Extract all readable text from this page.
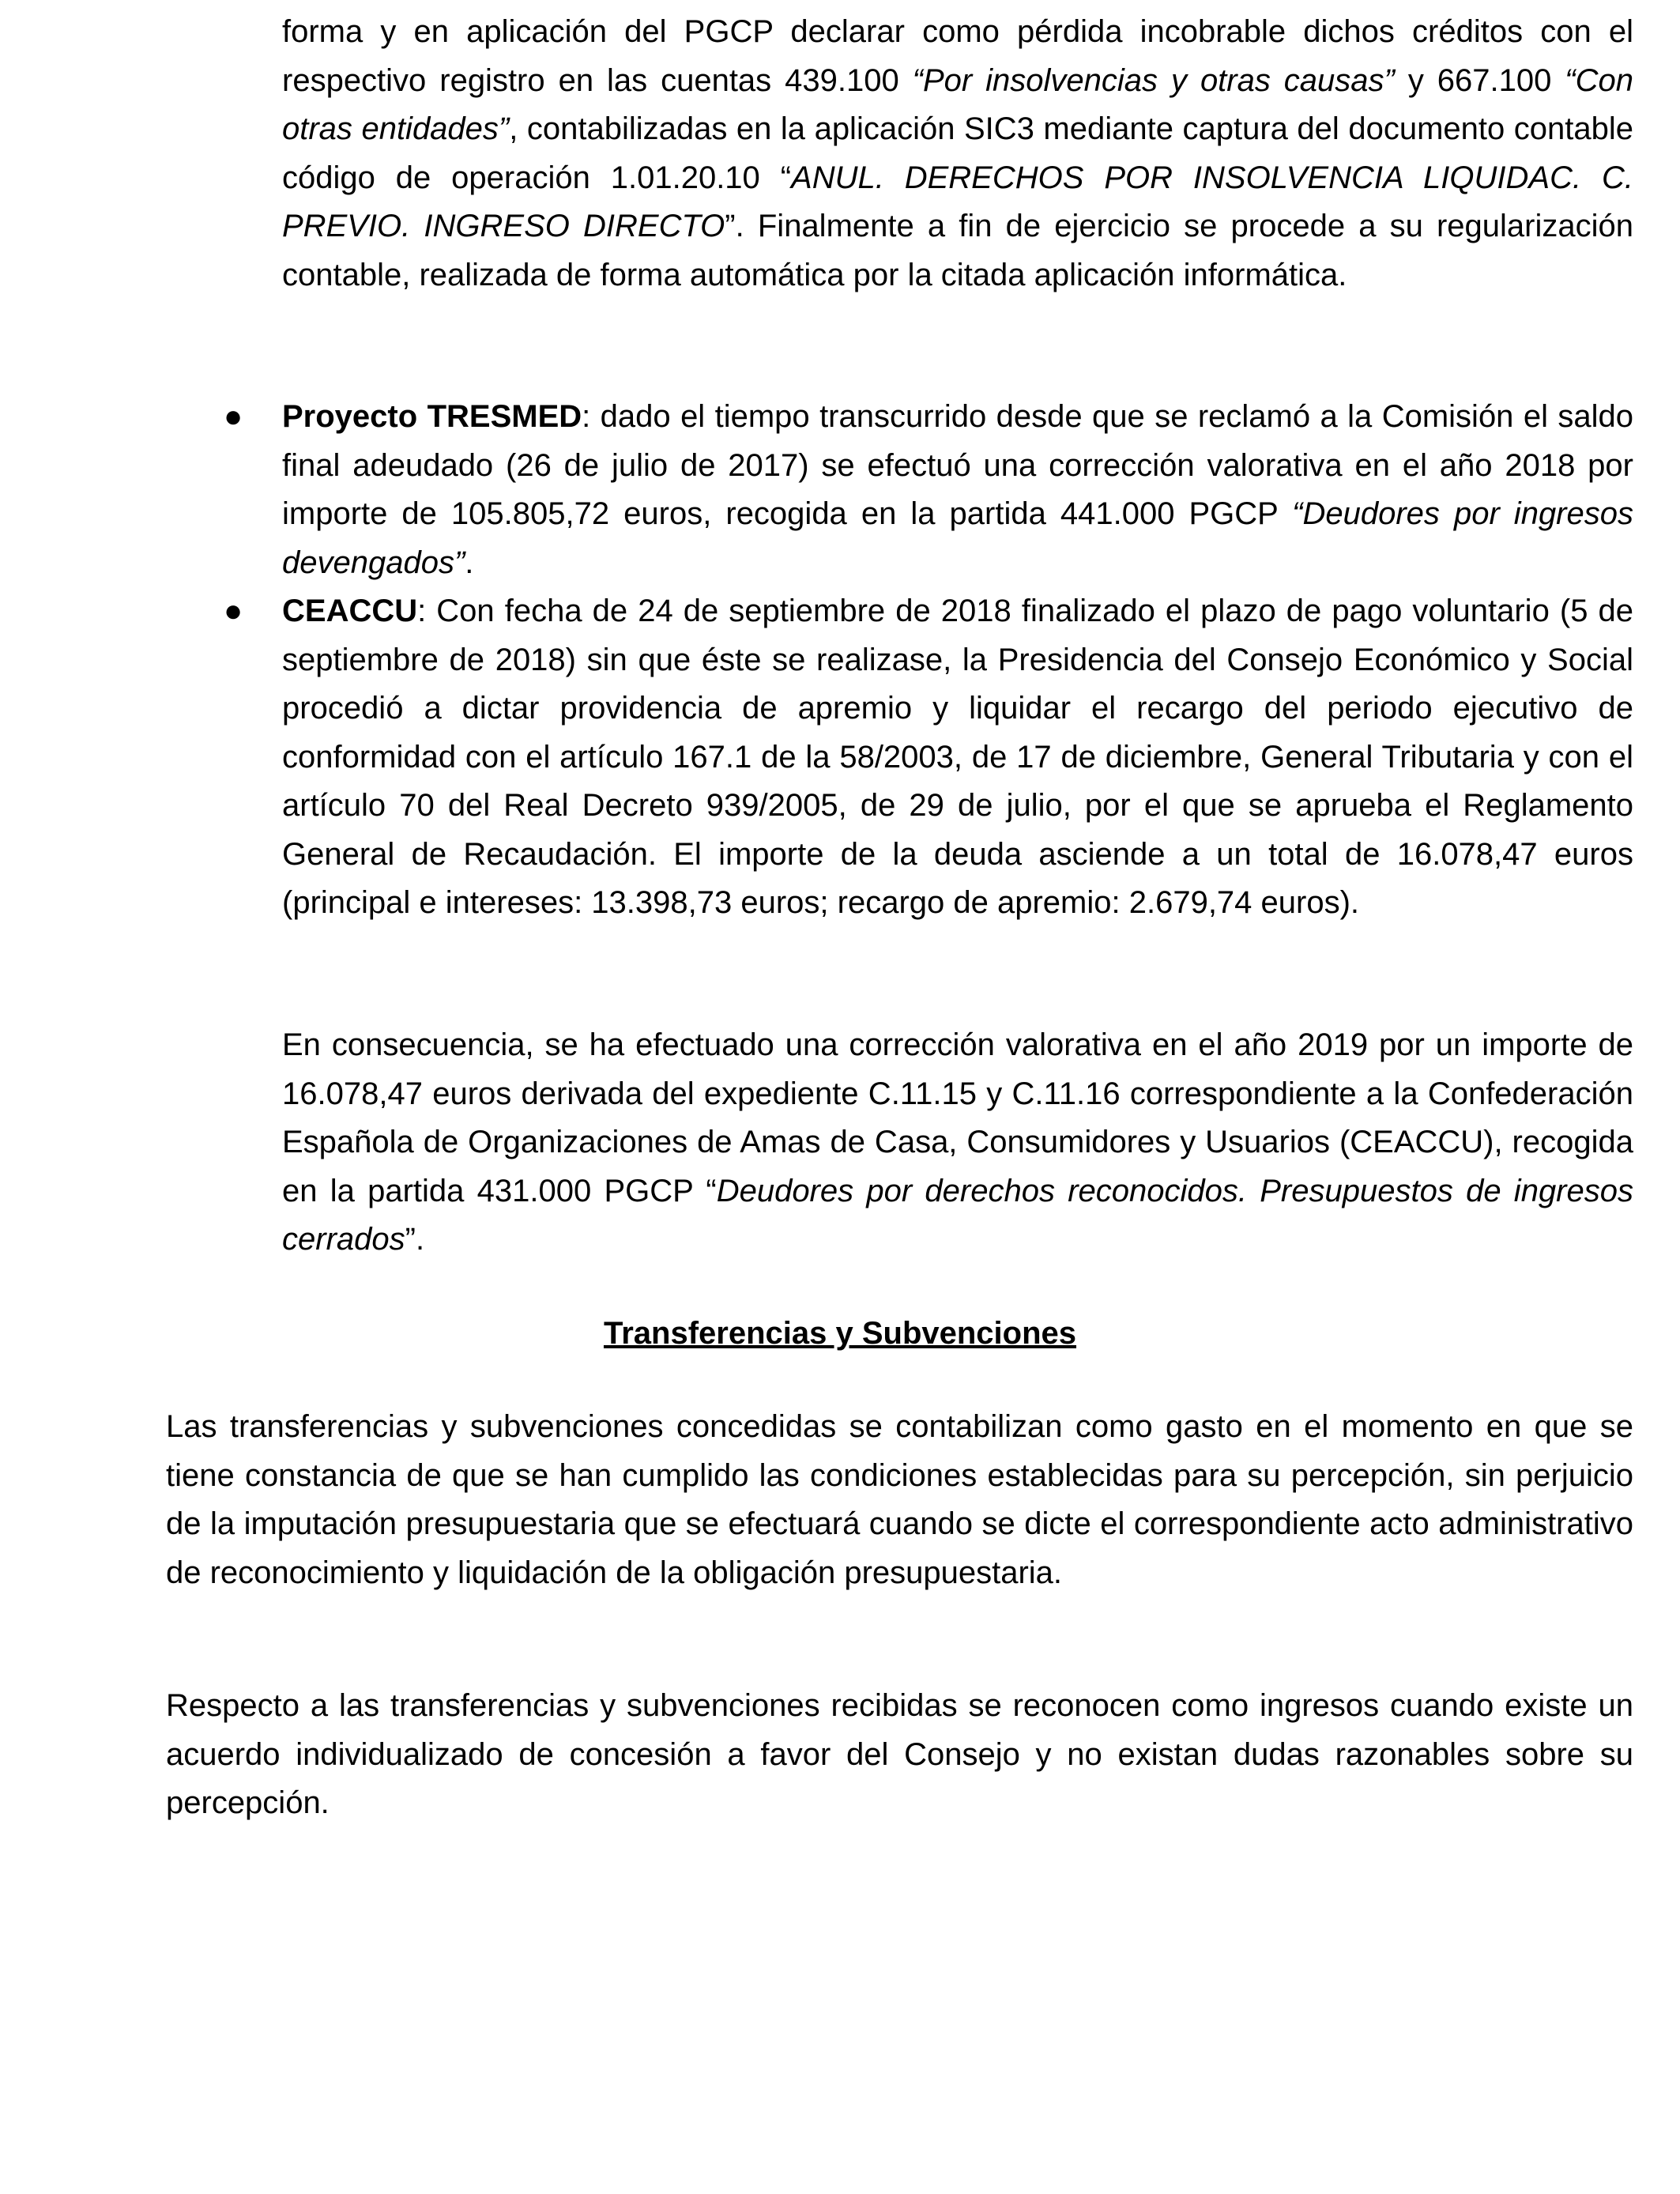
forma y en aplicación del PGCP declarar como pérdida incobrable dichos créditos con el respectivo registro en las cuentas 439.100 “Por insolvencias y otras causas” y 667.100 “Con otras entidades”, contabilizadas en la aplicación SIC3 mediante captura del documento contable código de operación 1.01.20.10 “ANUL. DERECHOS POR INSOLVENCIA LIQUIDAC. C. PREVIO. INGRESO DIRECTO”. Finalmente a fin de ejercicio se procede a su regularización contable, realizada de forma automática por la citada aplicación informática.

● Proyecto TRESMED: dado el tiempo transcurrido desde que se reclamó a la Comisión el saldo final adeudado (26 de julio de 2017) se efectuó una corrección valorativa en el año 2018 por importe de 105.805,72 euros, recogida en la partida 441.000 PGCP “Deudores por ingresos devengados”.

● CEACCU: Con fecha de 24 de septiembre de 2018 finalizado el plazo de pago voluntario (5 de septiembre de 2018) sin que éste se realizase, la Presidencia del Consejo Económico y Social procedió a dictar providencia de apremio y liquidar el recargo del periodo ejecutivo de conformidad con el artículo 167.1 de la 58/2003, de 17 de diciembre, General Tributaria y con el artículo 70 del Real Decreto 939/2005, de 29 de julio, por el que se aprueba el Reglamento General de Recaudación. El importe de la deuda asciende a un total de 16.078,47 euros (principal e intereses: 13.398,73 euros; recargo de apremio: 2.679,74 euros).

En consecuencia, se ha efectuado una corrección valorativa en el año 2019 por un importe de 16.078,47 euros derivada del expediente C.11.15 y C.11.16 correspondiente a la Confederación Española de Organizaciones de Amas de Casa, Consumidores y Usuarios (CEACCU), recogida en la partida 431.000 PGCP “Deudores por derechos reconocidos. Presupuestos de ingresos cerrados”.

Transferencias y Subvenciones

Las transferencias y subvenciones concedidas se contabilizan como gasto en el momento en que se tiene constancia de que se han cumplido las condiciones establecidas para su percepción, sin perjuicio de la imputación presupuestaria que se efectuará cuando se dicte el correspondiente acto administrativo de reconocimiento y liquidación de la obligación presupuestaria.

Respecto a las transferencias y subvenciones recibidas se reconocen como ingresos cuando existe un acuerdo individualizado de concesión a favor del Consejo y no existan dudas razonables sobre su percepción.
